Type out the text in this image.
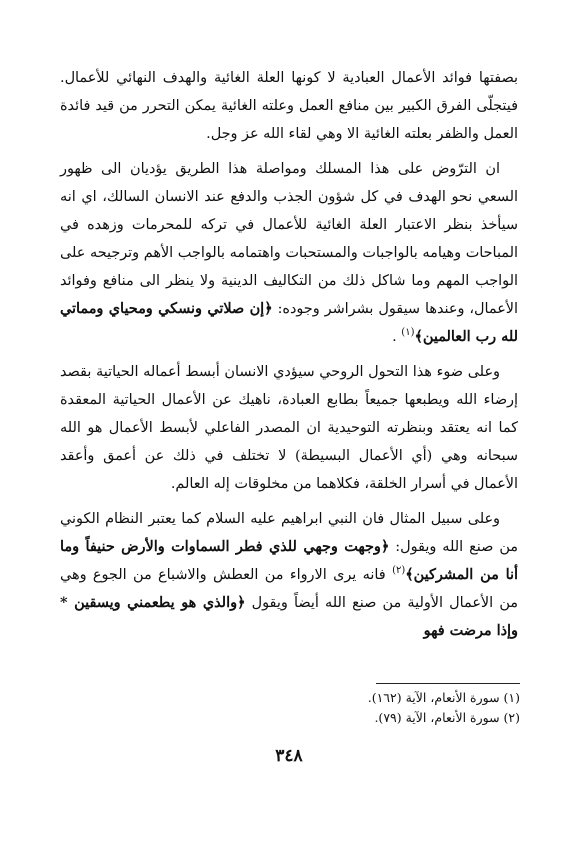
بصفتها فوائد الأعمال العبادية لا كونها العلة الغائية والهدف النهائي للأعمال. فيتجلّى الفرق الكبير بين منافع العمل وعلته الغائية يمكن التحرر من قيد فائدة العمل والظفر بعلته الغائية الا وهي لقاء الله عز وجل.

ان الترّوض على هذا المسلك ومواصلة هذا الطريق يؤديان الى ظهور السعي نحو الهدف في كل شؤون الجذب والدفع عند الانسان السالك، اي انه سيأخذ بنظر الاعتبار العلة الغائية للأعمال في تركه للمحرمات وزهده في المباحات وهيامه بالواجبات والمستحبات واهتمامه بالواجب الأهم وترجيحه على الواجب المهم وما شاكل ذلك من التكاليف الدينية ولا ينظر الى منافع وفوائد الأعمال، وعندها سيقول بشراشر وجوده: ﴿إن صلاتي ونسكي ومحياي ومماتي لله رب العالمين﴾$^{(١)}$ .

وعلى ضوء هذا التحول الروحي سيؤدي الانسان أبسط أعماله الحياتية بقصد إرضاء الله ويطبعها جميعاً بطابع العبادة، ناهيك عن الأعمال الحياتية المعقدة كما انه يعتقد وبنظرته التوحيدية ان المصدر الفاعلي لأبسط الأعمال هو الله سبحانه وهي (أي الأعمال البسيطة) لا تختلف في ذلك عن أعمق وأعقد الأعمال في أسرار الخلقة، فكلاهما من مخلوقات إله العالم.

وعلى سبيل المثال فان النبي ابراهيم عليه السلام كما يعتبر النظام الكوني من صنع الله ويقول: ﴿وجهت وجهي للذي فطر السماوات والأرض حنيفاً وما أنا من المشركين﴾$^{(٢)}$ فانه يرى الارواء من العطش والاشباع من الجوع وهي من الأعمال الأولية من صنع الله أيضاً ويقول ﴿والذي هو يطعمني ويسقين * وإذا مرضت فهو

(١) سورة الأنعام، الآية (١٦٢).

(٢) سورة الأنعام، الآية (٧٩).

٣٤٨
